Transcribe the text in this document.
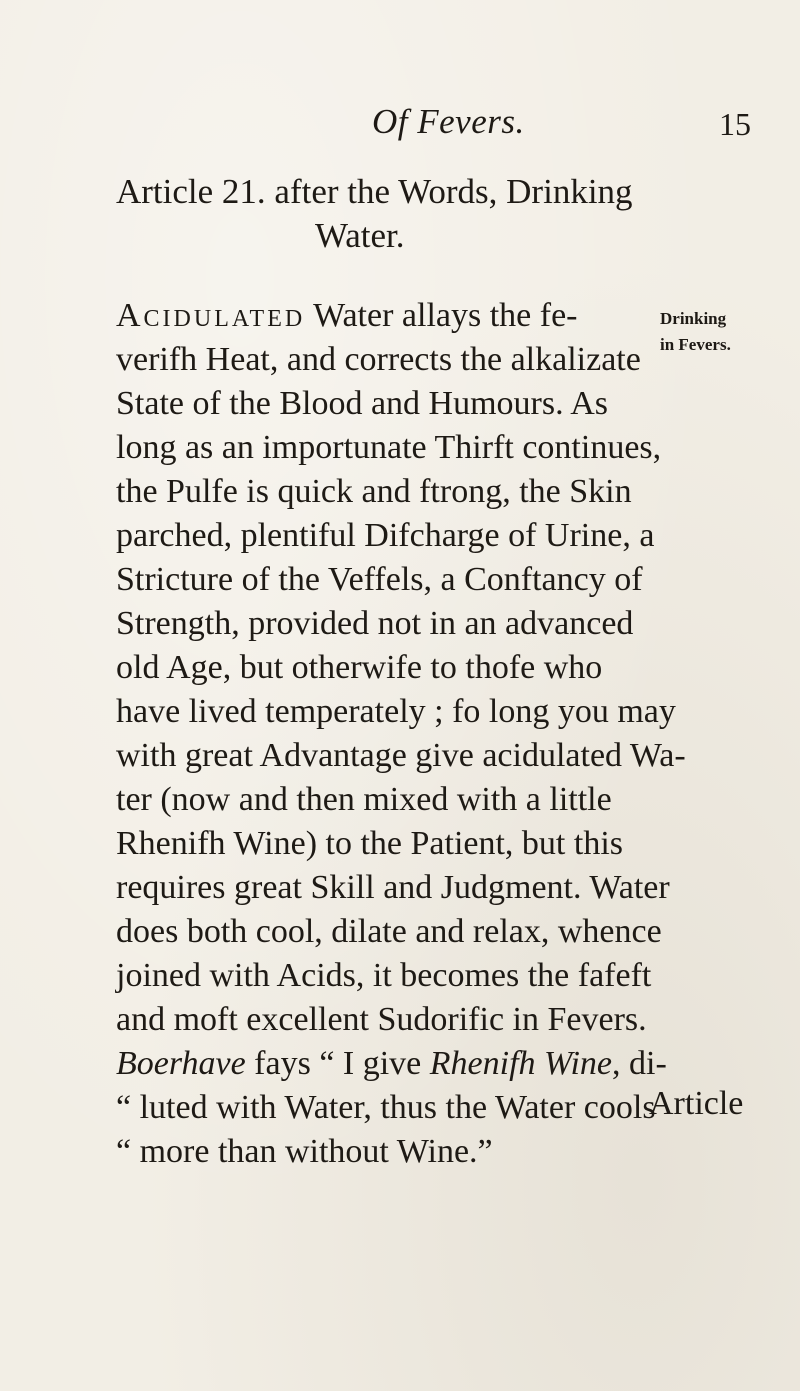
Of Fevers.	15
Article 21. after the Words, Drinking
Water.
Drinking
in Fevers.
Acidulated Water allays the fe-
verifh Heat, and corrects the alkalizate
State of the Blood and Humours. As
long as an importunate Thirft continues,
the Pulfe is quick and ftrong, the Skin
parched, plentiful Difcharge of Urine, a
Stricture of the Veffels, a Conftancy of
Strength, provided not in an advanced
old Age, but otherwife to thofe who
have lived temperately ; fo long you may
with great Advantage give acidulated Wa-
ter (now and then mixed with a little
Rhenifh Wine) to the Patient, but this
requires great Skill and Judgment. Water
does both cool, dilate and relax, whence
joined with Acids, it becomes the fafeft
and moft excellent Sudorific in Fevers.
Boerhave fays “ I give Rhenifh Wine, di-
“ luted with Water, thus the Water cools
“ more than without Wine.”
Article
